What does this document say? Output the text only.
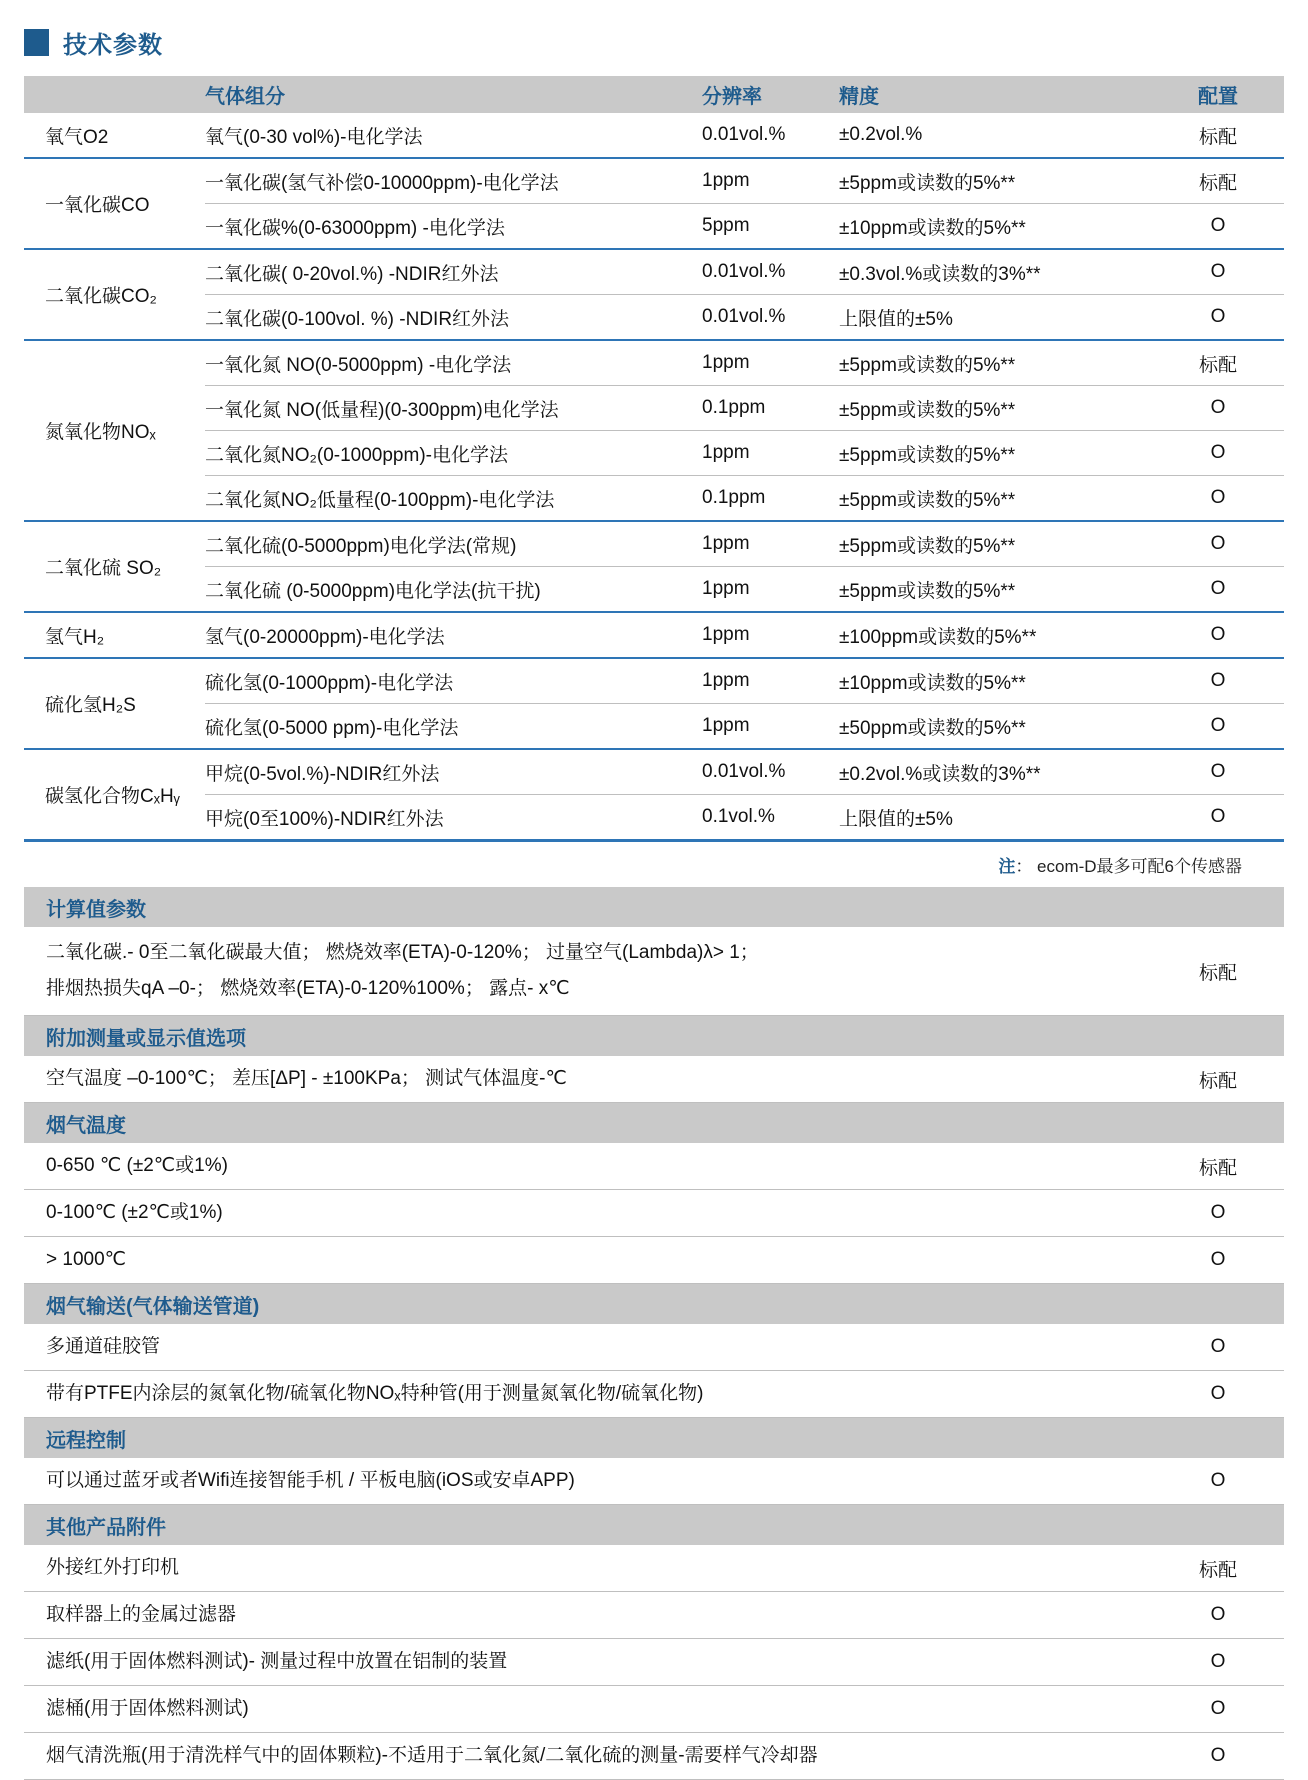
技术参数
	气体组分	分辨率	精度	配置
氧气O2	氧气(0-30 vol%)-电化学法	0.01vol.%	±0.2vol.%	标配
一氧化碳CO	一氧化碳(氢气补偿0-10000ppm)-电化学法	1ppm	±5ppm或读数的5%**	标配
	一氧化碳%(0-63000ppm) -电化学法	5ppm	±10ppm或读数的5%**	O
二氧化碳CO₂	二氧化碳( 0-20vol.%) -NDIR红外法	0.01vol.%	±0.3vol.%或读数的3%**	O
	二氧化碳(0-100vol. %) -NDIR红外法	0.01vol.%	上限值的±5%	O
氮氧化物NOₓ	一氧化氮 NO(0-5000ppm) -电化学法	1ppm	±5ppm或读数的5%**	标配
	一氧化氮 NO(低量程)(0-300ppm)电化学法	0.1ppm	±5ppm或读数的5%**	O
	二氧化氮NO₂(0-1000ppm)-电化学法	1ppm	±5ppm或读数的5%**	O
	二氧化氮NO₂低量程(0-100ppm)-电化学法	0.1ppm	±5ppm或读数的5%**	O
二氧化硫 SO₂	二氧化硫(0-5000ppm)电化学法(常规)	1ppm	±5ppm或读数的5%**	O
	二氧化硫 (0-5000ppm)电化学法(抗干扰)	1ppm	±5ppm或读数的5%**	O
氢气H₂	氢气(0-20000ppm)-电化学法	1ppm	±100ppm或读数的5%**	O
硫化氢H₂S	硫化氢(0-1000ppm)-电化学法	1ppm	±10ppm或读数的5%**	O
	硫化氢(0-5000 ppm)-电化学法	1ppm	±50ppm或读数的5%**	O
碳氢化合物CₓHᵧ	甲烷(0-5vol.%)-NDIR红外法	0.01vol.%	±0.2vol.%或读数的3%**	O
	甲烷(0至100%)-NDIR红外法	0.1vol.%	上限值的±5%	O
注 ： ecom-D最多可配6个传感器
计算值参数
二氧化碳.- 0至二氧化碳最大值； 燃烧效率(ETA)-0-120%； 过量空气(Lambda)λ> 1；
排烟热损失qA –0-； 燃烧效率(ETA)-0-120%100%； 露点- x℃
标配
附加测量或显示值选项
空气温度 –0-100℃； 差压[ΔP] - ±100KPa； 测试气体温度-℃	标配
烟气温度
0-650 ℃ (±2℃或1%)	标配
0-100℃ (±2℃或1%)	O
> 1000℃	O
烟气输送(气体输送管道)
多通道硅胶管	O
带有PTFE内涂层的氮氧化物/硫氧化物NOₓ特种管(用于测量氮氧化物/硫氧化物)	O
远程控制
可以通过蓝牙或者Wifi连接智能手机 / 平板电脑(iOS或安卓APP)	O
其他产品附件
外接红外打印机	标配
取样器上的金属过滤器	O
滤纸(用于固体燃料测试)- 测量过程中放置在铝制的装置	O
滤桶(用于固体燃料测试)	O
烟气清洗瓶(用于清洗样气中的固体颗粒)-不适用于二氧化氮/二氧化硫的测量-需要样气冷却器	O
